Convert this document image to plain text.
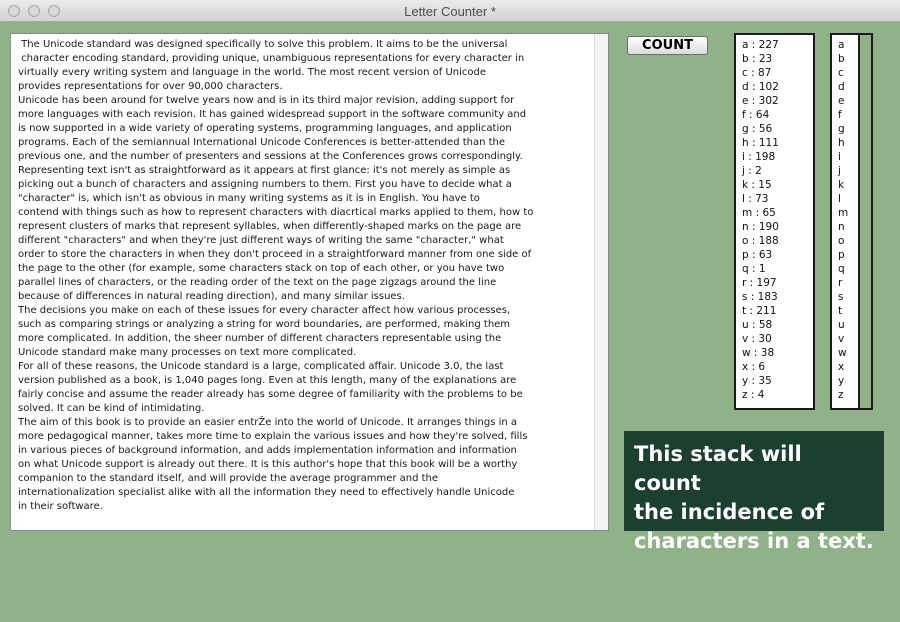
Letter Counter *
The Unicode standard was designed specifically to solve this problem. It aims to be the universal
character encoding standard, providing unique, unambiguous representations for every character in
virtually every writing system and language in the world. The most recent version of Unicode
provides representations for over 90,000 characters.
Unicode has been around for twelve years now and is in its third major revision, adding support for
more languages with each revision. It has gained widespread support in the software community and
is now supported in a wide variety of operating systems, programming languages, and application
programs. Each of the semiannual International Unicode Conferences is better-attended than the
previous one, and the number of presenters and sessions at the Conferences grows correspondingly.
Representing text isn't as straightforward as it appears at first glance: it's not merely as simple as
picking out a bunch of characters and assigning numbers to them. First you have to decide what a
"character" is, which isn't as obvious in many writing systems as it is in English. You have to
contend with things such as how to represent characters with diacrtical marks applied to them, how to
represent clusters of marks that represent syllables, when differently-shaped marks on the page are
different "characters" and when they're just different ways of writing the same "character," what
order to store the characters in when they don't proceed in a straightforward manner from one side of
the page to the other (for example, some characters stack on top of each other, or you have two
parallel lines of characters, or the reading order of the text on the page zigzags around the line
because of differences in natural reading direction), and many similar issues.
The decisions you make on each of these issues for every character affect how various processes,
such as comparing strings or analyzing a string for word boundaries, are performed, making them
more complicated. In addition, the sheer number of different characters representable using the
Unicode standard make many processes on text more complicated.
For all of these reasons, the Unicode standard is a large, complicated affair. Unicode 3.0, the last
version published as a book, is 1,040 pages long. Even at this length, many of the explanations are
fairly concise and assume the reader already has some degree of familiarity with the problems to be
solved. It can be kind of intimidating.
The aim of this book is to provide an easier entrŽe into the world of Unicode. It arranges things in a
more pedagogical manner, takes more time to explain the various issues and how they're solved, fills
in various pieces of background information, and adds implementation information and information
on what Unicode support is already out there. It is this author's hope that this book will be a worthy
companion to the standard itself, and will provide the average programmer and the
internationalization specialist alike with all the information they need to effectively handle Unicode
in their software.
COUNT	a : 227
b : 23
c : 87
d : 102
e : 302
f : 64
g : 56
h : 111
i : 198
j : 2
k : 15
l : 73
m : 65
n : 190
o : 188
p : 63
q : 1
r : 197
s : 183
t : 211
u : 58
v : 30
w : 38
x : 6
y : 35
z : 4
a
b
c
d
e
f
g
h
i
j
k
l
m
n
o
p
q
r
s
t
u
v
w
x
y
z
This stack will count
the incidence of
characters in a text.
